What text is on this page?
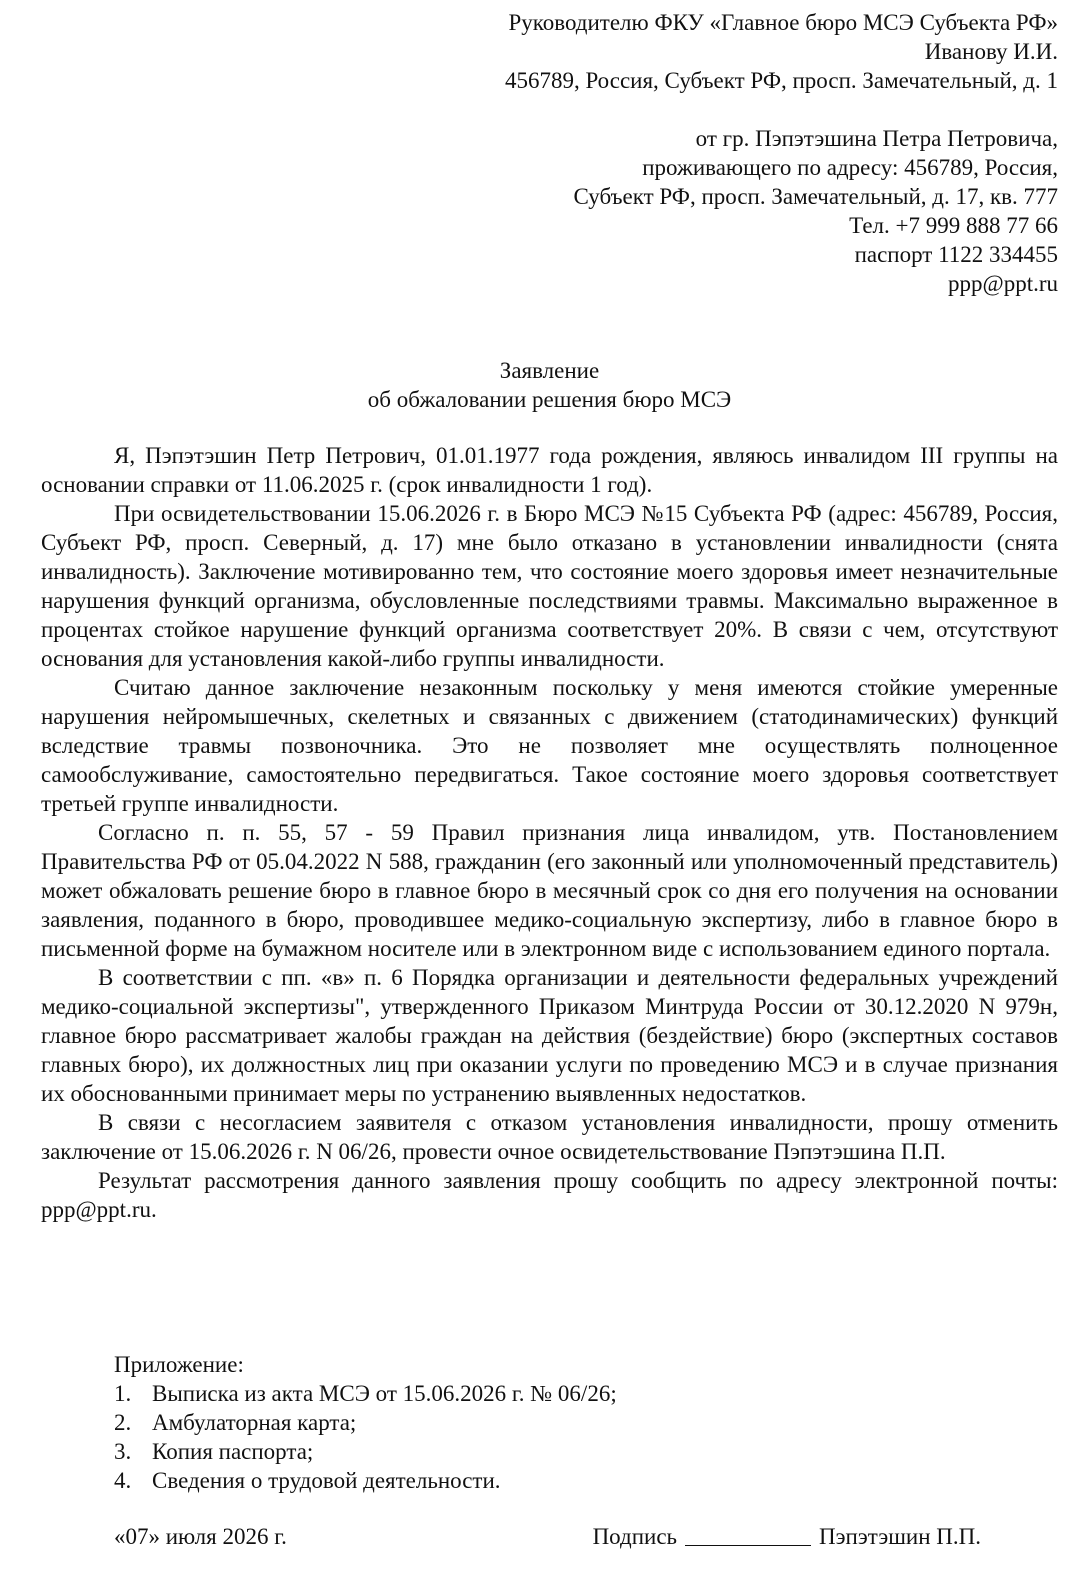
Руководителю ФКУ «Главное бюро МСЭ Субъекта РФ»
Иванову И.И.
456789, Россия, Субъект РФ, просп. Замечательный, д. 1
от гр. Пэпэтэшина Петра Петровича,
проживающего по адресу: 456789, Россия,
Субъект РФ, просп. Замечательный, д. 17, кв. 777
Тел. +7 999 888 77 66
паспорт 1122 334455
ppp@ppt.ru
Заявление
об обжаловании решения бюро МСЭ

Я, Пэпэтэшин Петр Петрович, 01.01.1977 года рождения, являюсь инвалидом III группы на основании справки от 11.06.2025 г. (срок инвалидности 1 год).

При освидетельствовании 15.06.2026 г. в Бюро МСЭ №15 Субъекта РФ (адрес: 456789, Россия, Субъект РФ, просп. Северный, д. 17) мне было отказано в установлении инвалидности (снята инвалидность). Заключение мотивированно тем, что состояние моего здоровья имеет незначительные нарушения функций организма, обусловленные последствиями травмы. Максимально выраженное в процентах стойкое нарушение функций организма соответствует 20%. В связи с чем, отсутствуют основания для установления какой-либо группы инвалидности.

Считаю данное заключение незаконным поскольку у меня имеются стойкие умеренные нарушения нейромышечных, скелетных и связанных с движением (статодинамических) функций вследствие травмы позвоночника. Это не позволяет мне осуществлять полноценное самообслуживание, самостоятельно передвигаться. Такое состояние моего здоровья соответствует третьей группе инвалидности.

Согласно п. п. 55, 57 - 59 Правил признания лица инвалидом, утв. Постановлением Правительства РФ от 05.04.2022 N 588, гражданин (его законный или уполномоченный представитель) может обжаловать решение бюро в главное бюро в месячный срок со дня его получения на основании заявления, поданного в бюро, проводившее медико-социальную экспертизу, либо в главное бюро в письменной форме на бумажном носителе или в электронном виде с использованием единого портала.

В соответствии с пп. «в» п. 6 Порядка организации и деятельности федеральных учреждений медико-социальной экспертизы", утвержденного Приказом Минтруда России от 30.12.2020 N 979н, главное бюро рассматривает жалобы граждан на действия (бездействие) бюро (экспертных составов главных бюро), их должностных лиц при оказании услуги по проведению МСЭ и в случае признания их обоснованными принимает меры по устранению выявленных недостатков.

В связи с несогласием заявителя с отказом установления инвалидности, прошу отменить заключение от 15.06.2026 г. N 06/26, провести очное освидетельствование Пэпэтэшина П.П.

Результат рассмотрения данного заявления прошу сообщить по адресу электронной почты: ppp@ppt.ru.

Приложение:
1. Выписка из акта МСЭ от 15.06.2026 г. № 06/26;
2. Амбулаторная карта;
3. Копия паспорта;
4. Сведения о трудовой деятельности.
«07» июля 2026 г.	Подпись	Пэпэтэшин П.П.
